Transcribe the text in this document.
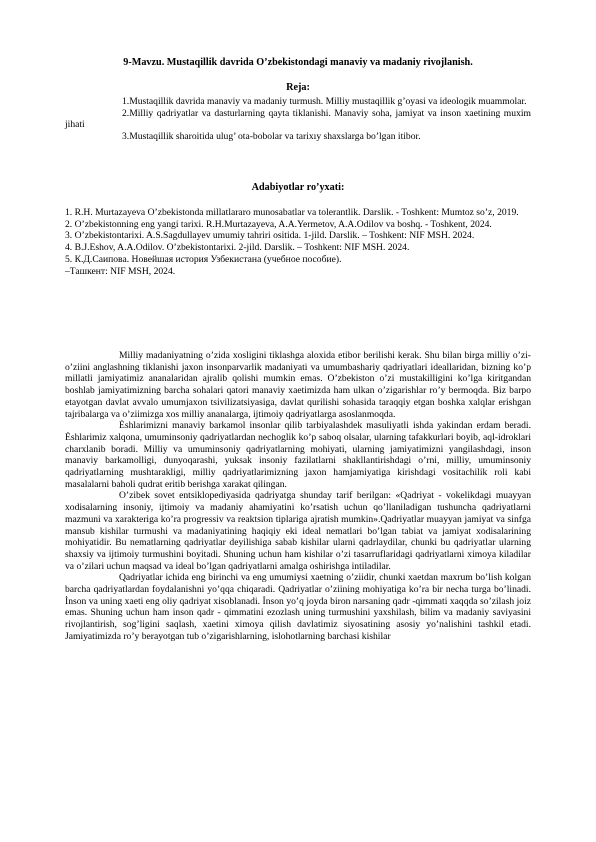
9-Mavzu. Mustaqillik davrida O’zbekistondagi manaviy va madaniy rivojlanish.
Reja:

1.Mustaqillik davrida manaviy va madaniy turmush. Milliy mustaqillik g’oyasi va ideologik muammolar.

2.Milliy qadriyatlar va dasturlarning qayta tiklanishi. Manaviy soha, jamiyat va inson xaetining muxim jihati

3.Mustaqillik sharoitida ulug’ ota-bobolar va tarixıy shaxslarga bo’lgan itibor.

Adabiyotlar ro’yxati:

1. R.H. Murtazayeva O’zbekistonda millatlararo munosabatlar va tolerantlik. Darslik. - Toshkent: Mumtoz so’z, 2019.

2. O’zbekistonning eng yangi tarixi. R.H.Murtazayeva, A.A.Yermetov, A.A.Odilov va boshq. - Toshkent, 2024.

3. O’zbekistontarixi. A.S.Sagdullayev umumiy tahriri ositida. 1-jild. Darslik. – Toshkent: NIF MSH. 2024.

4. B.J.Eshov, A.A.Odilov. O’zbekistontarixi. 2-jild. Darslik. – Toshkent: NIF MSH. 2024.

5. К.Д.Саипова. Новейшая история Узбекистана (учебное пособие).

–Ташкент: NIF MSH, 2024.

Milliy madaniyatning o’zida xosligini tiklashga aloxida etibor berilishi kerak. Shu bilan birga milliy o’zi-o’ziini anglashning tiklanishi jaxon insonparvarlik madaniyati va umumbashariy qadriyatlari ideallaridan, bizning ko’p millatli jamiyatimiz ananalaridan ajralib qolishi mumkin emas. O’zbekiston o’zi mustakilligini ko’lga kiritgandan boshlab jamiyatimizning barcha sohalari qatori manaviy xaetimizda ham ulkan o’zigarishlar ro’y bermoqda. Biz barpo etayotgan davlat avvalo umumjaxon tsivilizatsiyasiga, davlat qurilishi sohasida taraqqiy etgan boshka xalqlar erishgan tajribalarga va o’ziimizga xos milliy ananalarga, ijtimoiy qadriyatlarga asoslanmoqda.

Ėshlarimizni manaviy barkamol insonlar qilib tarbiyalashdek masuliyatli ishda yakindan erdam beradi. Ėshlarimiz xalqona, umuminsoniy qadriyatlardan nechoglik ko’p saboq olsalar, ularning tafakkurlari boyib, aql-idroklari charxlanib boradi. Milliy va umuminsoniy qadriyatlarning mohiyati, ularning jamiyatimizni yangilashdagi, inson manaviy barkamolligi, dunyoqarashi, yuksak insoniy fazilatlarni shakllantirishdagi o’rni, milliy, umuminsoniy qadriyatlarning mushtarakligi, milliy qadriyatlarimizning jaxon hamjamiyatiga kirishdagi vositachilik roli kabi masalalarni baholi qudrat eritib berishga xarakat qilingan.

O’zibek sovet entsiklopediyasida qadriyatga shunday tarif berilgan: «Qadriyat - vokelikdagi muayyan xodisalarning insoniy, ijtimoiy va madaniy ahamiyatini ko’rsatish uchun qo’llaniladigan tushuncha qadriyatlarni mazmuni va xarakteriga ko’ra progressiv va reaktsion tiplariga ajratish mumkin».Qadriyatlar muayyan jamiyat va sinfga mansub kishilar turmushi va madaniyatining haqiqiy eki ideal nematlari bo’lgan tabiat va jamiyat xodisalarining mohiyatidir. Bu nematlarning qadriyatlar deyilishiga sabab kishilar ularni qadrlaydilar, chunki bu qadriyatlar ularning shaxsiy va ijtimoiy turmushini boyitadi. Shuning uchun ham kishilar o’zi tasarruflaridagi qadriyatlarni ximoya kiladilar va o’zilari uchun maqsad va ideal bo’lgan qadriyatlarni amalga oshirishga intiladilar.

Qadriyatlar ichida eng birinchi va eng umumiysi xaetning o’ziidir, chunki xaetdan maxrum bo’lish kolgan barcha qadriyatlardan foydalanishni yo’qqa chiqaradi. Qadriyatlar o’ziining mohiyatiga ko’ra bir necha turga bo’linadi. İnson va uning xaeti eng oliy qadriyat xisoblanadi. İnson yo’q joyda biron narsaning qadr -qimmati xaqqda so’zilash joiz emas. Shuning uchun ham inson qadr - qimmatini ezozlash uning turmushini yaxshilash, bilim va madaniy saviyasini rivojlantirish, sog’ligini saqlash, xaetini ximoya qilish davlatimiz siyosatining asosiy yo’nalishini tashkil etadi. Jamiyatimizda ro’y berayotgan tub o’zigarishlarning, islohotlarning barchasi kishilar
